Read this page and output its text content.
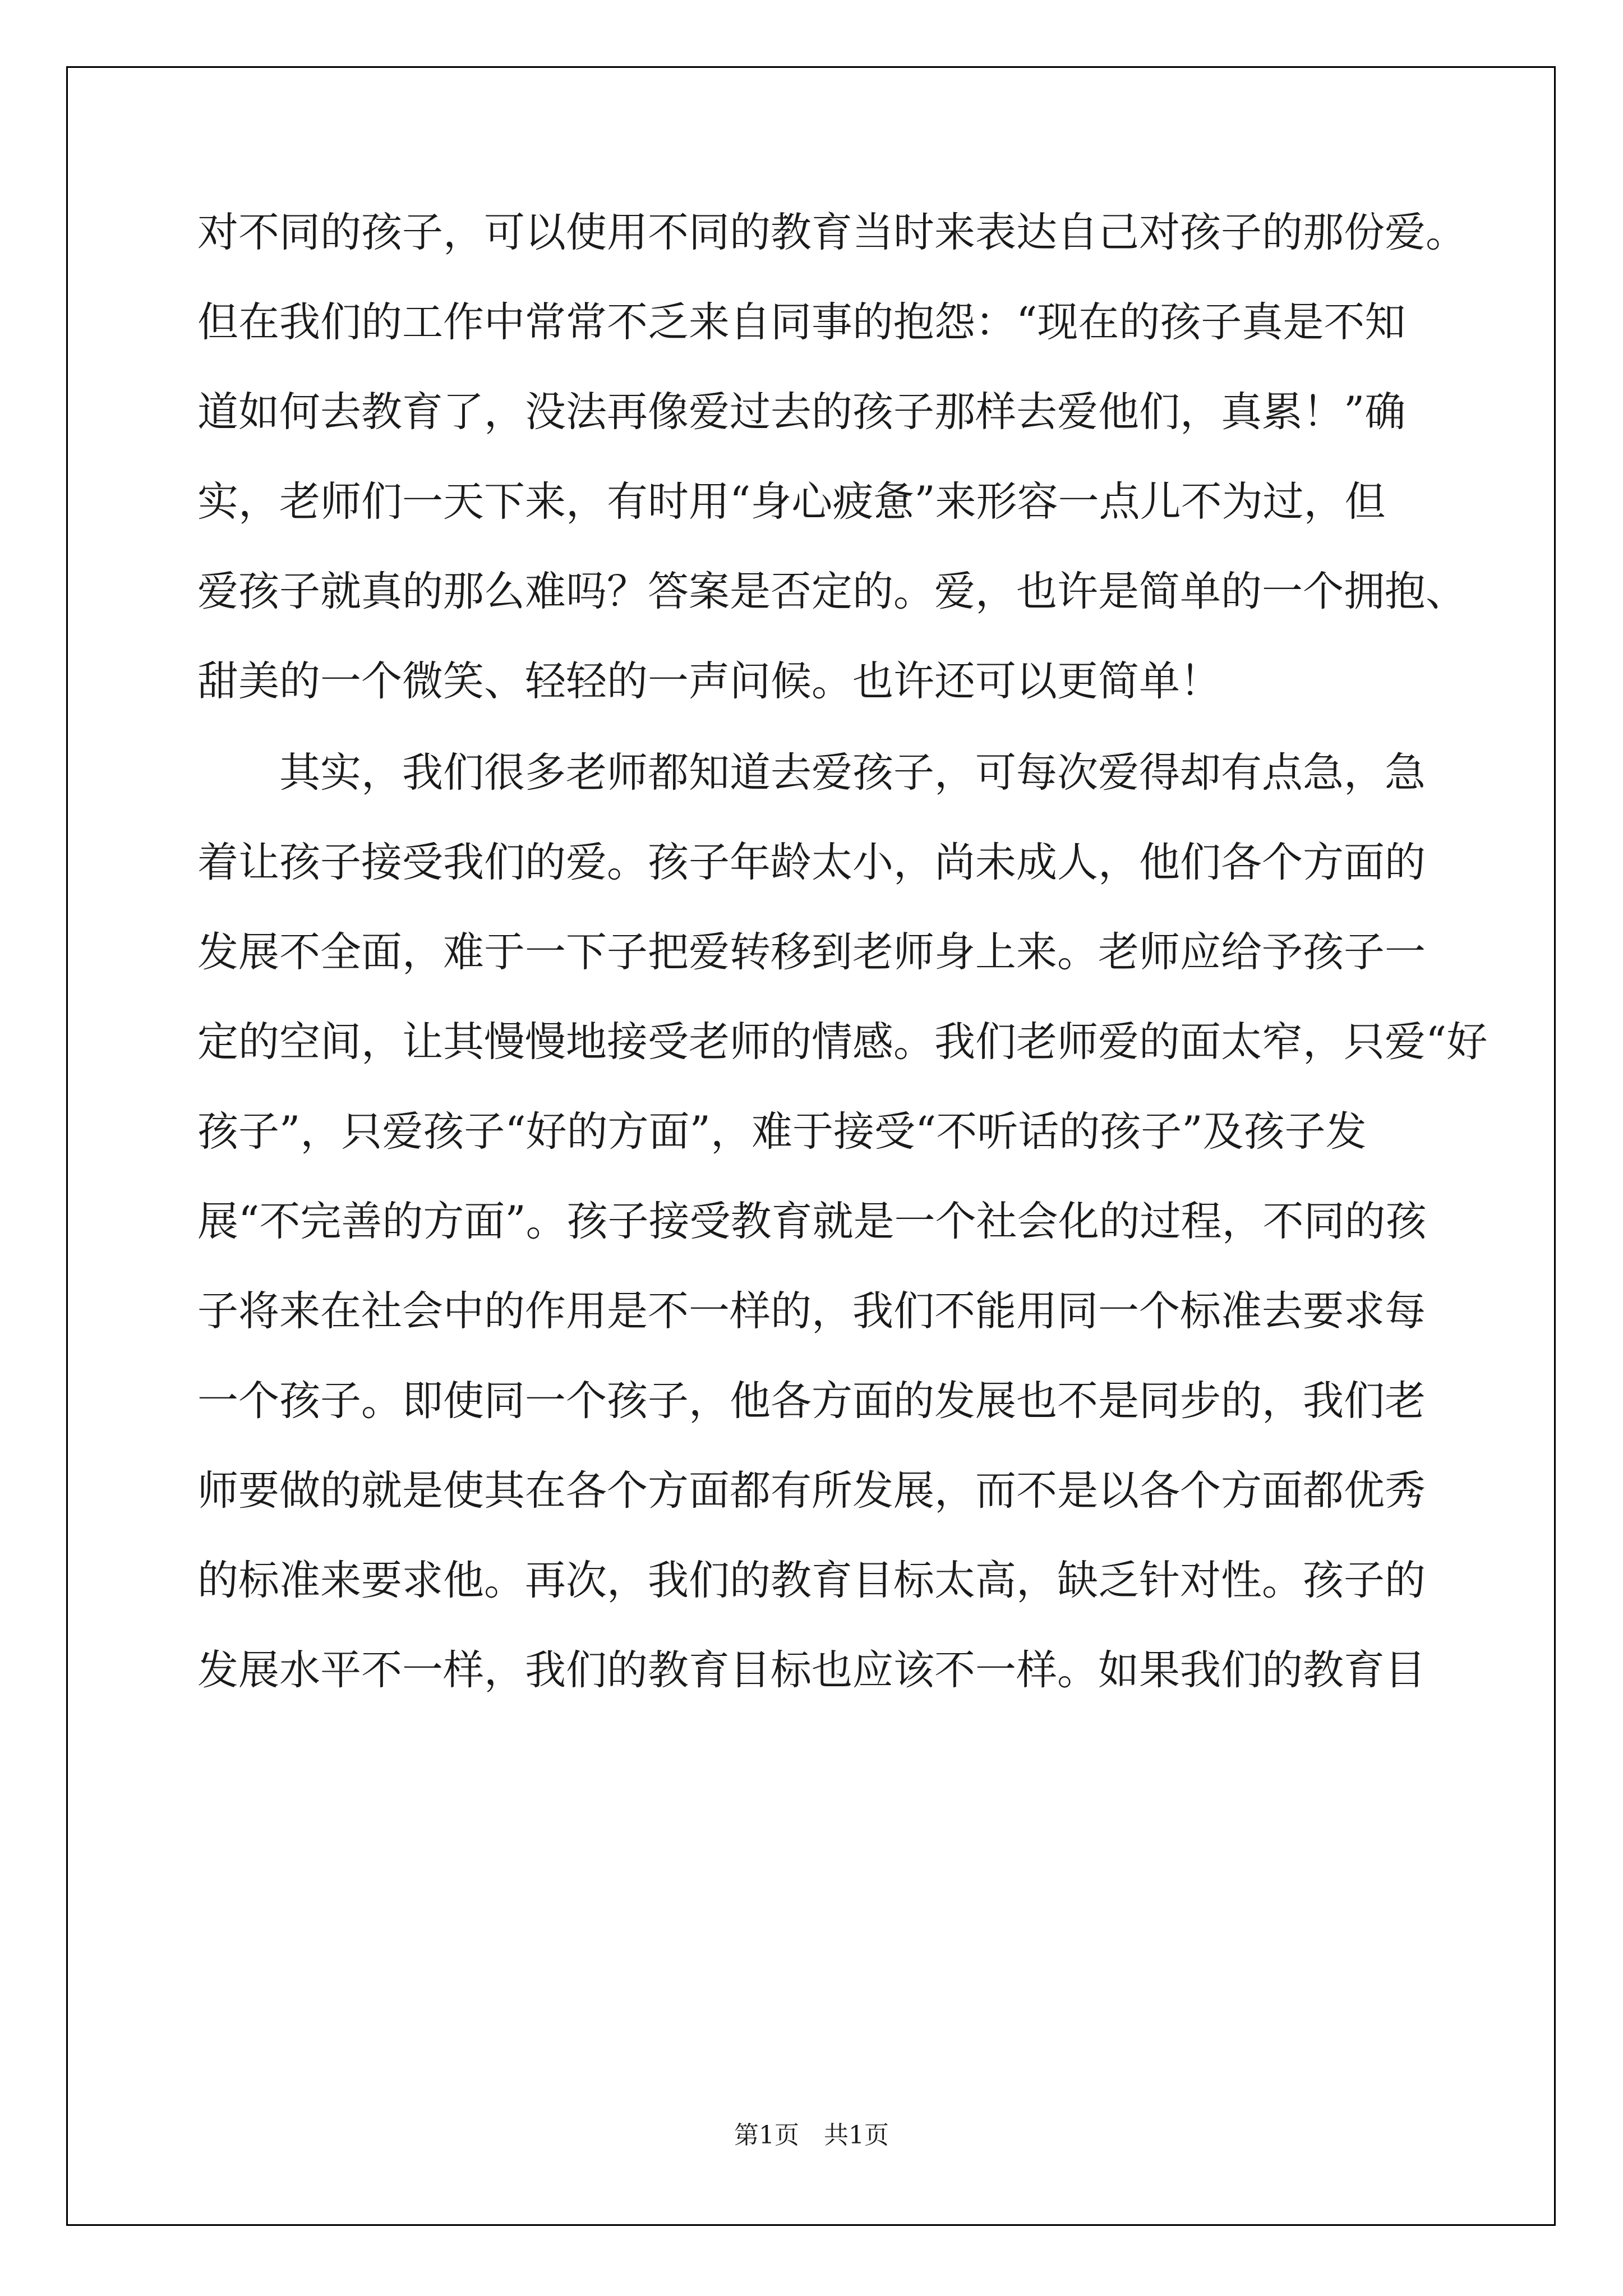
对不同的孩子，可以使用不同的教育当时来表达自己对孩子的那份爱。
但在我们的工作中常常不乏来自同事的抱怨：“现在的孩子真是不知
道如何去教育了，没法再像爱过去的孩子那样去爱他们，真累！”确
实，老师们一天下来，有时用“身心疲惫”来形容一点儿不为过，但
爱孩子就真的那么难吗？答案是否定的。爱，也许是简单的一个拥抱、
甜美的一个微笑、轻轻的一声问候。也许还可以更简单！
　　其实，我们很多老师都知道去爱孩子，可每次爱得却有点急，急
着让孩子接受我们的爱。孩子年龄太小，尚未成人，他们各个方面的
发展不全面，难于一下子把爱转移到老师身上来。老师应给予孩子一
定的空间，让其慢慢地接受老师的情感。我们老师爱的面太窄，只爱“好
孩子”，只爱孩子“好的方面”，难于接受“不听话的孩子”及孩子发
展“不完善的方面”。孩子接受教育就是一个社会化的过程，不同的孩
子将来在社会中的作用是不一样的，我们不能用同一个标准去要求每
一个孩子。即使同一个孩子，他各方面的发展也不是同步的，我们老
师要做的就是使其在各个方面都有所发展，而不是以各个方面都优秀
的标准来要求他。再次，我们的教育目标太高，缺乏针对性。孩子的
发展水平不一样，我们的教育目标也应该不一样。如果我们的教育目
第1页　共1页
